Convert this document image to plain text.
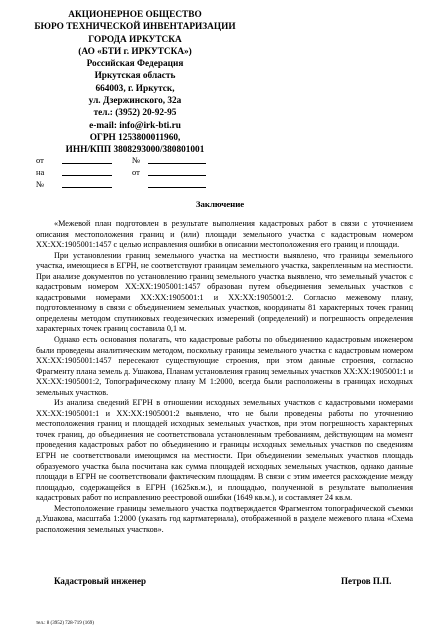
АКЦИОНЕРНОЕ ОБЩЕСТВО
БЮРО ТЕХНИЧЕСКОЙ ИНВЕНТАРИЗАЦИИ
ГОРОДА ИРКУТСКА
(АО «БТИ г. ИРКУТСКА»)
Российская Федерация
Иркутская область
664003, г. Иркутск,
ул. Дзержинского, 32а
тел.: (3952) 20-92-95
e-mail: info@irk-bti.ru
ОГРН 1253800011960,
ИНН/КПП 3808293000/380801001
от	№
на	от
№
Заключение

«Межевой план подготовлен в результате выполнения кадастровых работ в связи с уточнением описания местоположения границ и (или) площади земельного участка с кадастровым номером XX:XX:1905001:1457 с целью исправления ошибки в описании местоположения его границ и площади.

При установлении границ земельного участка на местности выявлено, что границы земельного участка, имеющиеся в ЕГРН, не соответствуют границам земельного участка, закрепленным на местности. При анализе документов по установлению границ земельного участка выявлено, что земельный участок с кадастровым номером XX:XX:1905001:1457 образован путем объединения земельных участков с кадастровыми номерами XX:XX:1905001:1 и XX:XX:1905001:2. Согласно межевому плану, подготовленному в связи с объединением земельных участков, координаты 81 характерных точек границ определены методом спутниковых геодезических измерений (определений) и погрешность определения характерных точек границ составила 0,1 м.

Однако есть основания полагать, что кадастровые работы по объединению кадастровым инженером были проведены аналитическим методом, поскольку границы земельного участка с кадастровым номером XX:XX:1905001:1457 пересекают существующие строения, при этом данные строения, согласно Фрагменту плана земель д. Ушакова, Планам установления границ земельных участков XX:XX:1905001:1 и XX:XX:1905001:2, Топографическому плану М 1:2000, всегда были расположены в границах исходных земельных участков.

Из анализа сведений ЕГРН в отношении исходных земельных участков с кадастровыми номерами XX:XX:1905001:1 и XX:XX:1905001:2 выявлено, что не были проведены работы по уточнению местоположения границ и площадей исходных земельных участков, при этом погрешность характерных точек границ, до объединения не соответствовала установленным требованиям, действующим на момент проведения кадастровых работ по объединению и границы исходных земельных участков по сведениям ЕГРН не соответствовали имеющимся на местности. При объединении земельных участков площадь образуемого участка была посчитана как сумма площадей исходных земельных участков, однако данные площади в ЕГРН не соответствовали фактическим площадям. В связи с этим имеется расхождение между площадью, содержащейся в ЕГРН (1625кв.м.), и площадью, полученной в результате выполнения кадастровых работ по исправлению реестровой ошибки (1649 кв.м.), и составляет 24 кв.м.

Местоположение границы земельного участка подтверждается Фрагментом топографической съемки д.Ушакова, масштаба 1:2000 (указать год картматериала), отображенной в разделе межевого плана «Схема расположения земельных участков».

Кадастровый инженер	Петров П.П.
тел.: 8 (3952) 728-719 (169)
